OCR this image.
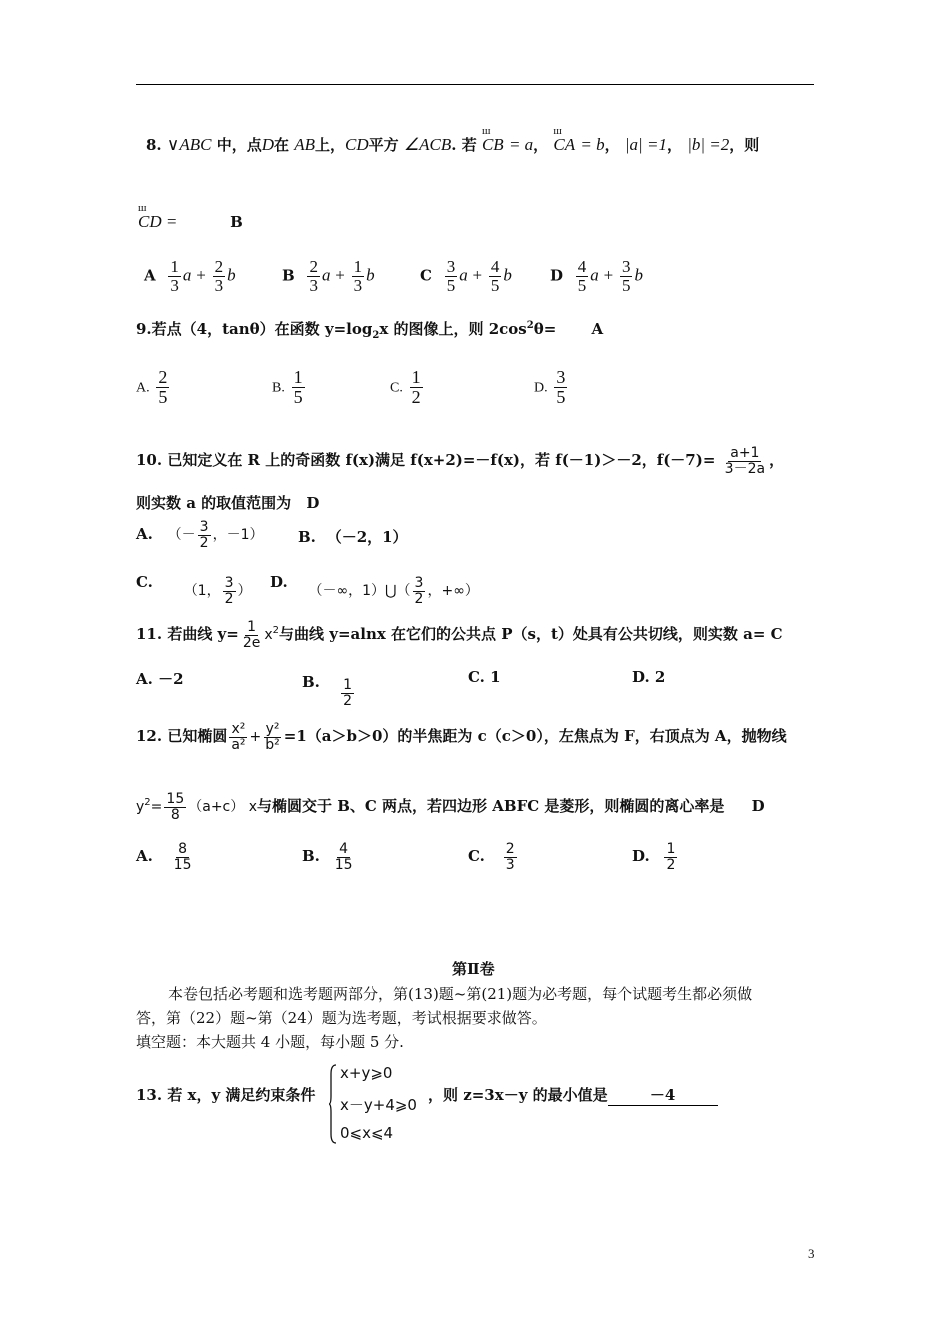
8. ∨ABC 中，点D在 AB上，CD平方 ∠ACB. 若 ш CB = a， ш CA = b， |a| =1， |b| =2，则
ш CD =	B
A $\frac{1}{3}$ $a + \frac{2}{3}$ b	B $\frac{2}{3}$ $a + \frac{1}{3}$ b	C $\frac{3}{5}$ $a + \frac{4}{5}$ b	D $\frac{4}{5}$ $a + \frac{3}{5}$ b
9.若点（4，tanθ）在函数 $y=\log_2x$ 的图像上，则 $2\cos^2\theta= A$
A. $\frac{2}{5}$	B. $\frac{1}{5}$	C. $\frac{1}{2}$	D. $\frac{3}{5}$
10. 已知定义在 R 上的奇函数 f(x)满足 f(x+2)=－f(x)，若 f(－1)＞－2，$f(-7)= \frac{a+1}{3-2a}$ ，
则实数 a 的取值范围为 D
A. （－ $\frac{3}{2}$ ，－1） B. （－2，1）
C. （1， $\frac{3}{2}$ ） D. （－∞，1）⋃（ $\frac{3}{2}$ ，+∞）
11. 若曲线 $y= \frac{1}{2e} x^2$与曲线 y=alnx 在它们的公共点 P（s，t）处具有公共切线，则实数 a= C
A. －2	B. $\frac{1}{2}$
C. 1	D. 2
12. 已知椭圆 $\frac{\text{x²}}{\text{a²}} + \frac{\text{y²}}{\text{b²}} =1(a>b>0)$的半焦距为 c（c＞0），左焦点为 F，右顶点为 A，抛物线
$y^2= \frac{15}{8} (a+c)$ x与椭圆交于 B、C 两点，若四边形 ABFC 是菱形，则椭圆的离心率是 D
A. $\frac{8}{15}$	B. $\frac{4}{15}$	C. $\frac{2}{3}$	D. $\frac{1}{2}$
第Ⅱ卷
本卷包括必考题和选考题两部分，第(13)题~第(21)题为必考题，每个试题考生都必须做
答，第（22）题~第（24）题为选考题，考试根据要求做答。
填空题：本大题共 4 小题，每小题 5 分.
13. 若 x，y 满足约束条件
x+y⩾0
x－y+4⩾0
0⩽x⩽4
，则 z=3x－y 的最小值是	－4
3
